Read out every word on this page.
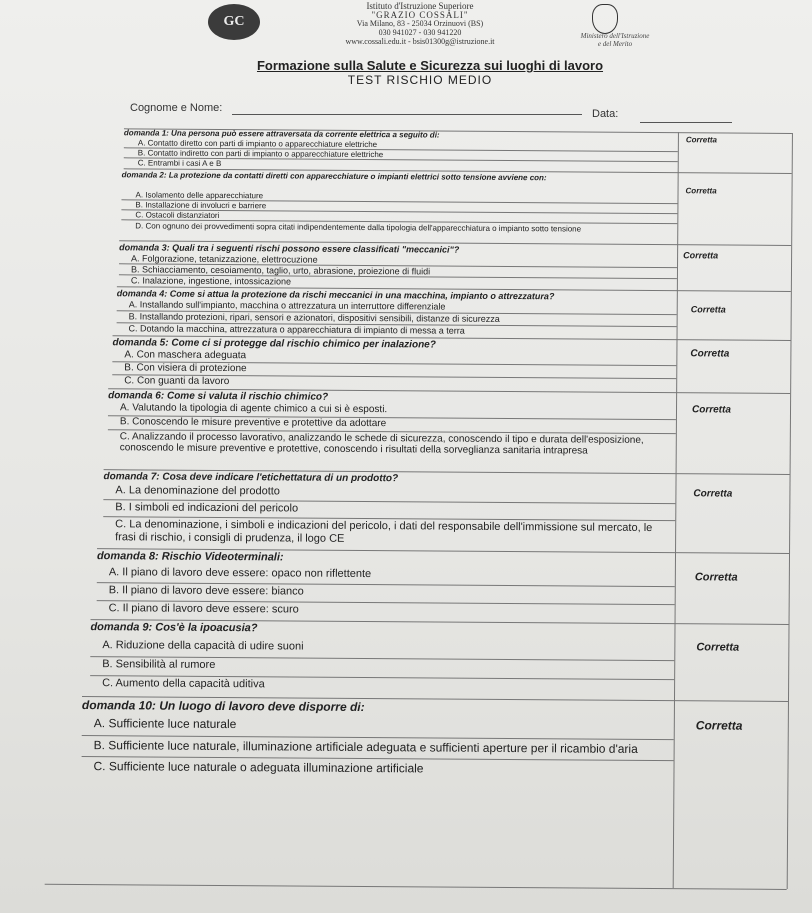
GC
Istituto d'Istruzione Superiore
"GRAZIO COSSALI"
Via Milano, 83 - 25034 Orzinuovi (BS)
030 941027 - 030 941220
www.cossali.edu.it - bsis01300g@istruzione.it
Ministero dell'Istruzione
e del Merito
Formazione sulla Salute e Sicurezza sui luoghi di lavoro
TEST RISCHIO MEDIO
Cognome e Nome:	Data:
domanda 1: Una persona può essere attraversata da corrente elettrica a seguito di:
Corretta
A. Contatto diretto con parti di impianto o apparecchiature elettriche
B. Contatto indiretto con parti di impianto o apparecchiature elettriche
C. Entrambi i casi A e B
domanda 2: La protezione da contatti diretti con apparecchiature o impianti elettrici sotto tensione avviene con:
Corretta
A. Isolamento delle apparecchiature
B. Installazione di involucri e barriere
C. Ostacoli distanziatori
D. Con ognuno dei provvedimenti sopra citati indipendentemente dalla tipologia dell'apparecchiatura o impianto sotto tensione
domanda 3: Quali tra i seguenti rischi possono essere classificati "meccanici"?
Corretta
A. Folgorazione, tetanizzazione, elettrocuzione
B. Schiacciamento, cesoiamento, taglio, urto, abrasione, proiezione di fluidi
C. Inalazione, ingestione, intossicazione
domanda 4: Come si attua la protezione da rischi meccanici in una macchina, impianto o attrezzatura?
Corretta
A. Installando sull'impianto, macchina o attrezzatura un interruttore differenziale
B. Installando protezioni, ripari, sensori e azionatori, dispositivi sensibili, distanze di sicurezza
C. Dotando la macchina, attrezzatura o apparecchiatura di impianto di messa a terra
domanda 5: Come ci si protegge dal rischio chimico per inalazione?
Corretta
A. Con maschera adeguata
B. Con visiera di protezione
C. Con guanti da lavoro
domanda 6: Come si valuta il rischio chimico?
Corretta
A. Valutando la tipologia di agente chimico a cui si è esposti.
B. Conoscendo le misure preventive e protettive da adottare
C. Analizzando il processo lavorativo, analizzando le schede di sicurezza, conoscendo il tipo e durata dell'esposizione, conoscendo le misure preventive e protettive, conoscendo i risultati della sorveglianza sanitaria intrapresa
domanda 7: Cosa deve indicare l'etichettatura di un prodotto?
Corretta
A. La denominazione del prodotto
B. I simboli ed indicazioni del pericolo
C. La denominazione, i simboli e indicazioni del pericolo, i dati del responsabile dell'immissione sul mercato, le frasi di rischio, i consigli di prudenza, il logo CE
domanda 8: Rischio Videoterminali:
Corretta
A. Il piano di lavoro deve essere: opaco non riflettente
B. Il piano di lavoro deve essere: bianco
C. Il piano di lavoro deve essere: scuro
domanda 9: Cos'è la ipoacusia?
Corretta
A. Riduzione della capacità di udire suoni
B. Sensibilità al rumore
C. Aumento della capacità uditiva
domanda 10: Un luogo di lavoro deve disporre di:
Corretta
A. Sufficiente luce naturale
B. Sufficiente luce naturale, illuminazione artificiale adeguata e sufficienti aperture per il ricambio d'aria
C. Sufficiente luce naturale o adeguata illuminazione artificiale
